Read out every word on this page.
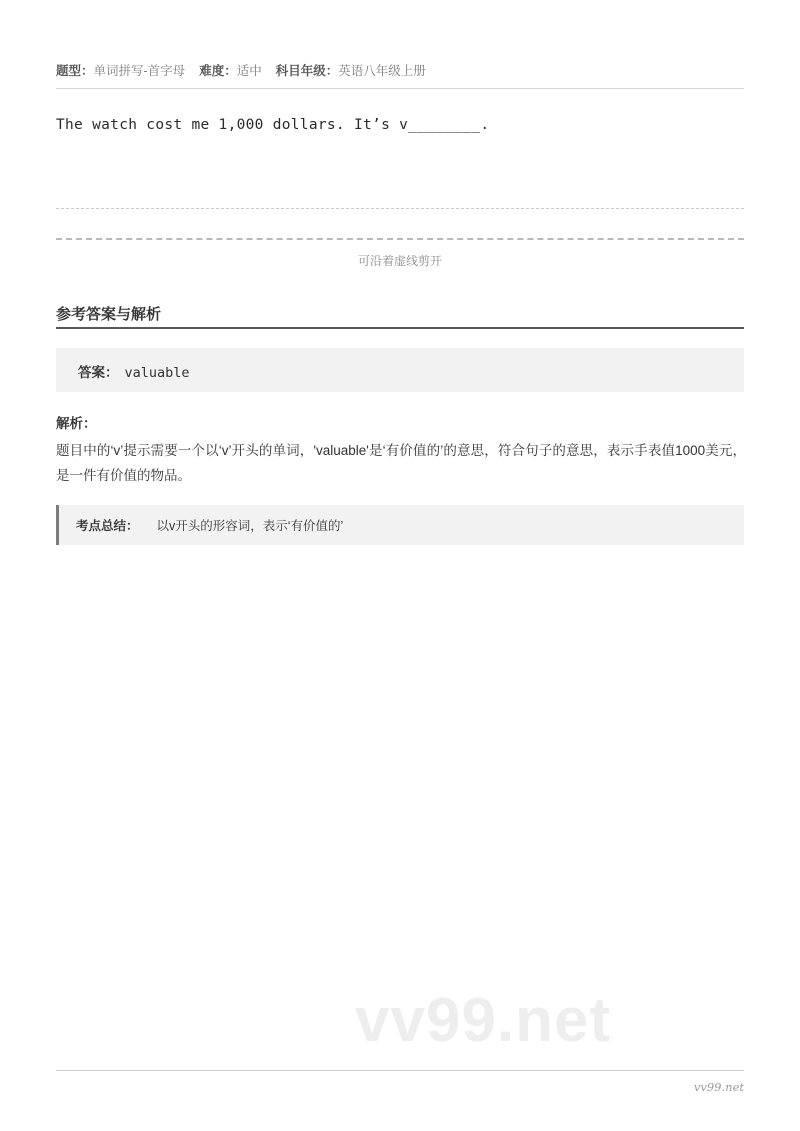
题型：单词拼写-首字母 难度：适中 科目年级：英语八年级上册
The watch cost me 1,000 dollars. It’s v________.
可沿着虚线剪开
参考答案与解析
答案： valuable
解析：
题目中的‘v’提示需要一个以‘v’开头的单词，'valuable'是‘有价值的’的意思，符合句子的意思，表示手表值1000美元，是一件有价值的物品。
考点总结： 以v开头的形容词，表示‘有价值的’
vv99.net
vv99.net
